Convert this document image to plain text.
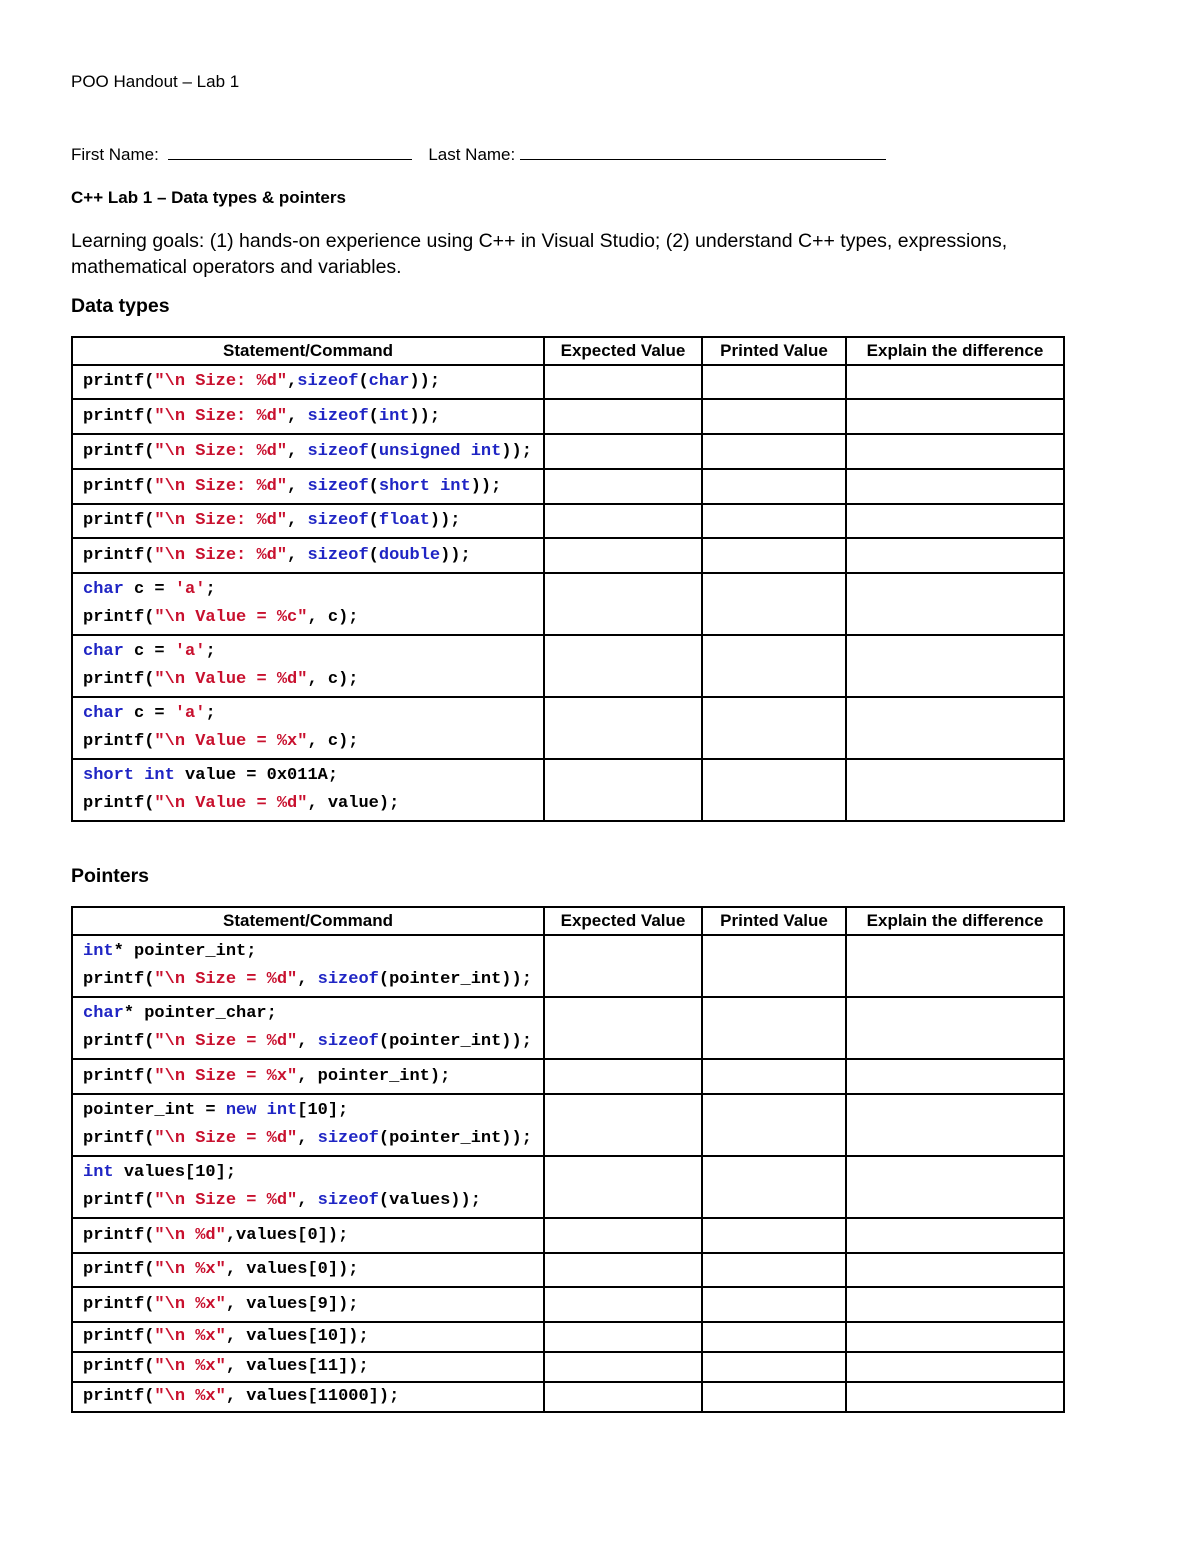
POO Handout – Lab 1
First Name:	Last Name:
C++ Lab 1 – Data types & pointers
Learning goals: (1) hands-on experience using C++ in Visual Studio; (2) understand C++ types, expressions, mathematical operators and variables.
Data types
Statement/Command	Expected Value	Printed Value	Explain the difference

printf("\n Size: %d",sizeof(char));			

printf("\n Size: %d", sizeof(int));			

printf("\n Size: %d", sizeof(unsigned int));			

printf("\n Size: %d", sizeof(short int));			

printf("\n Size: %d", sizeof(float));			

printf("\n Size: %d", sizeof(double));			

char c = 'a';
printf("\n Value = %c", c);			

char c = 'a';
printf("\n Value = %d", c);			

char c = 'a';
printf("\n Value = %x", c);			

short int value = 0x011A;
printf("\n Value = %d", value);			

Pointers
Statement/Command	Expected Value	Printed Value	Explain the difference

int* pointer_int;
printf("\n Size = %d", sizeof(pointer_int));			

char* pointer_char;
printf("\n Size = %d", sizeof(pointer_int));			

printf("\n Size = %x", pointer_int);			

pointer_int = new int[10];
printf("\n Size = %d", sizeof(pointer_int));			

int values[10];
printf("\n Size = %d", sizeof(values));			

printf("\n %d",values[0]);			

printf("\n %x", values[0]);			

printf("\n %x", values[9]);			

printf("\n %x", values[10]);			

printf("\n %x", values[11]);			

printf("\n %x", values[11000]);			
